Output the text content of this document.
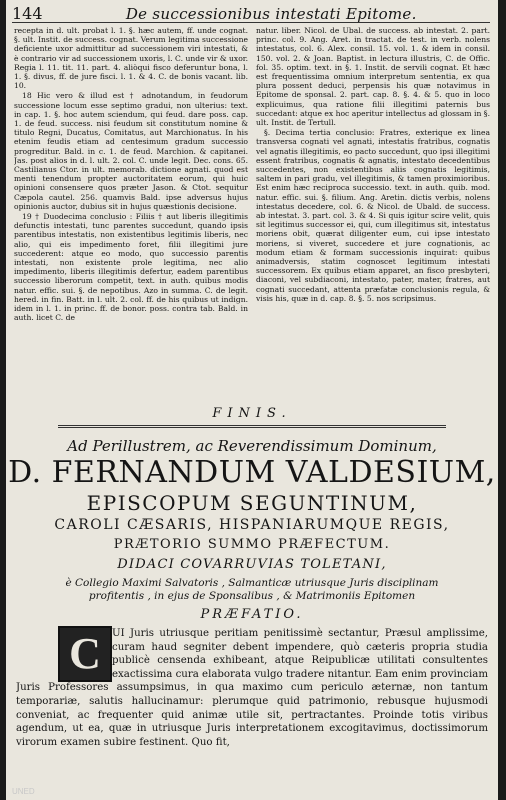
144	De successionibus intestati Epitome.

recepta in d. ult. probat l. 1. §. hæc autem, ff. unde cognat. §. ult. Instit. de success. cognat. Verum legitima successione deficiente uxor admittitur ad successionem viri intestati, & è contrario vir ad successionem uxoris, l. C. unde vir & uxor. Regia l. 11. tit. 11. part. 4. aliòqui fisco deferuntur bona, l. 1. §. divus, ff. de jure fisci. l. 1. & 4. C. de bonis vacant. lib. 10.

18 Hic vero & illud est † adnotandum, in feudorum successione locum esse septimo gradui, non ulterius: text. in cap. 1. §. hoc autem sciendum, qui feud. dare poss. cap. 1. de feud. success. nisi feudum sit constitutum nomine & titulo Regni, Ducatus, Comitatus, aut Marchionatus. In his etenim feudis etiam ad centesimum gradum successio progreditur. Bald. in c. 1. de feud. Marchion. & capitanei. Jas. post alios in d. l. ult. 2. col. C. unde legit. Dec. cons. 65. Castilianus Ctor. in ult. memorab. dictione agnati. quod est menti tenendum propter auctoritatem eorum, qui huic opinioni consensere quos præter Jason. & Ctot. sequitur Cæpola cautel. 256. quamvis Bald. ipse adversus hujus opinionis auctor, dubius sit in hujus quæstionis decisione.

19 † Duodecima conclusio : Filiis † aut liberis illegitimis defunctis intestati, tunc parentes succedunt, quando ipsis parentibus intestatis, non existentibus legitimis liberis, nec alio, qui eis impedimento foret, filii illegitimi jure succederent: atque eo modo, quo successio parentis intestati, non existente prole legitima, nec alio impedimento, liberis illegitimis defertur, eadem parentibus successio liberorum competit, text. in auth. quibus modis natur. effic. sui. §. de nepotibus. Azo in summa. C. de legit. hered. in fin. Batt. in l. ult. 2. col. ff. de his quibus ut indign. idem in l. 1. in princ. ff. de bonor. poss. contra tab. Bald. in auth. licet C. de

natur. liber. Nicol. de Ubal. de success. ab intestat. 2. part. princ. col. 9. Ang. Aret. in tractat. de test. in verb. nolens intestatus, col. 6. Alex. consil. 15. vol. 1. & idem in consil. 150. vol. 2. & Joan. Baptist. in lectura illustris, C. de Offic. fol. 35. optim. text. in §. 1. Instit. de servili cognat. Et hæc est frequentissima omnium interpretum sententia, ex qua plura possent deduci, perpensis his quæ notavimus in Epitome de sponsal. 2. part. cap. 8. §. 4. & 5. quo in loco explicuimus, qua ratione filii illegitimi paternis bus succedant: atque ex hoc aperitur intellectus ad glossam in §. ult. Instit. de Tertull.

§. Decima tertia conclusio: Fratres, exterique ex linea transversa cognati vel agnati, intestatis fratribus, cognatis vel agnatis illegitimis, eo pacto succedunt, quo ipsi illegitimi essent fratribus, cognatis & agnatis, intestato decedentibus succedentes, non existentibus aliis cognatis legitimis, saltem in pari gradu, vel illegitimis, & tamen proximioribus. Est enim hæc reciproca successio. text. in auth. quib. mod. natur. effic. sui. §. filium. Ang. Aretin. dictis verbis, nolens intestatus decedere, col. 6. & Nicol. de Ubald. de success. ab intestat. 3. part. col. 3. & 4. Si quis igitur scire velit, quis sit legitimus successor ei, qui, cum illegitimus sit, intestatus moriens obit, quærat diligenter eum, cui ipse intestato moriens, si viveret, succedere et jure cognationis, ac modum etiam & formam successionis inquirat: quibus animadversis, statim cognoscet legitimum intestati successorem. Ex quibus etiam apparet, an fisco presbyteri, diaconi, vel subdiaconi, intestato, pater, mater, fratres, aut cognati succedant, attenta præfatæ conclusionis regula, & visis his, quæ in d. cap. 8. §. 5. nos scripsimus.

FINIS.
Ad Perillustrem, ac Reverendissimum Dominum,
D. FERNANDUM VALDESIUM,
EPISCOPUM SEGUNTINUM,
CAROLI CÆSARIS, HISPANIARUMQUE REGIS,
PRÆTORIO SUMMO PRÆFECTUM.
DIDACI COVARRUVIAS TOLETANI,
è Collegio Maximi Salvatoris , Salmanticæ utriusque Juris disciplinam profitentis , in ejus de Sponsalibus , & Matrimoniis Epitomen
PRÆFATIO.
UI Juris utriusque peritiam penitissimè sectantur, Præsul amplissime, curam haud segniter debent impendere, quò cæteris propria studia publicè censenda exhibeant, atque Reipublicæ utilitati consultentes exactissima cura elaborata vulgo tradere nitantur. Eam enim provinciam Juris Professores assumpsimus, in qua maximo cum periculo æternæ, non tantum temporariæ, salutis hallucinamur: plerumque quid patrimonio, rebusque hujusmodi conveniat, ac frequenter quid animæ utile sit, pertractantes. Proinde totis viribus agendum, ut ea, quæ in utriusque Juris interpretationem excogitavimus, doctissimorum virorum examen subire festinent. Quo fit,
C
UNED
